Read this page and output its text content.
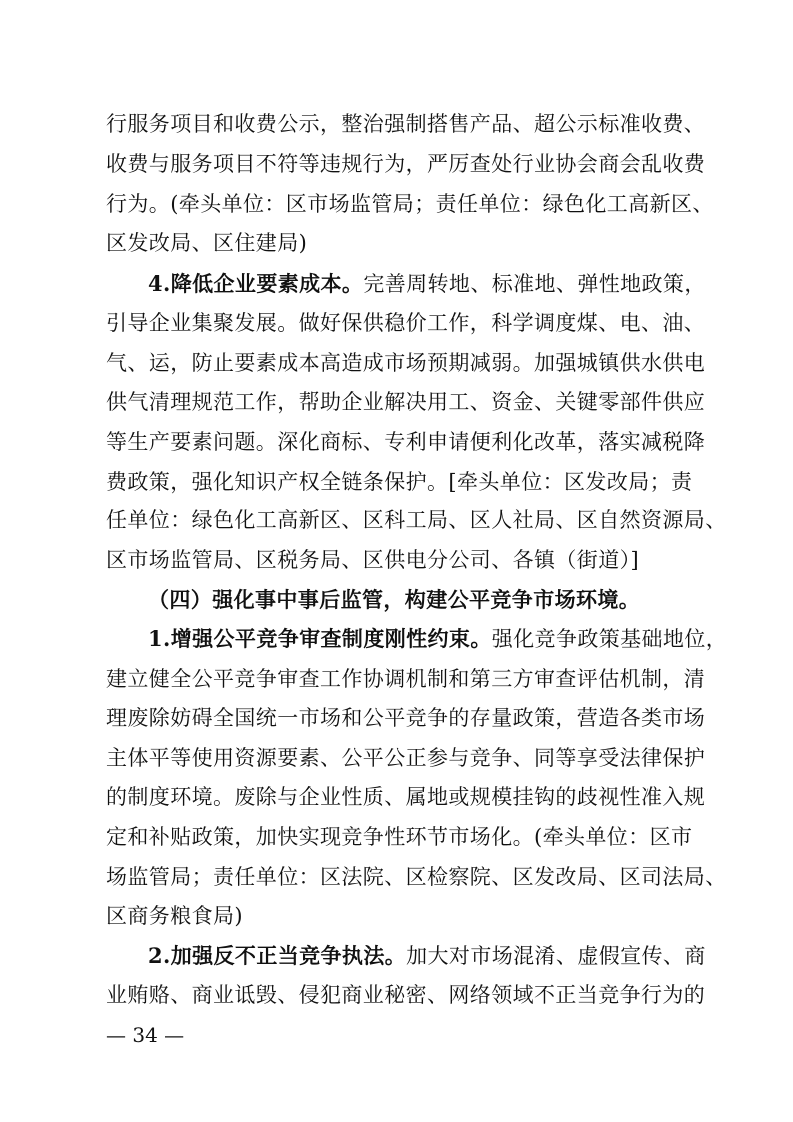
行服务项目和收费公示，整治强制搭售产品、超公示标准收费、
收费与服务项目不符等违规行为，严厉查处行业协会商会乱收费
行为。(牵头单位：区市场监管局；责任单位：绿色化工高新区、
区发改局、区住建局)
4.降低企业要素成本。完善周转地、标准地、弹性地政策，
引导企业集聚发展。做好保供稳价工作，科学调度煤、电、油、
气、运，防止要素成本高造成市场预期减弱。加强城镇供水供电
供气清理规范工作，帮助企业解决用工、资金、关键零部件供应
等生产要素问题。深化商标、专利申请便利化改革，落实减税降
费政策，强化知识产权全链条保护。[牵头单位：区发改局；责
任单位：绿色化工高新区、区科工局、区人社局、区自然资源局、
区市场监管局、区税务局、区供电分公司、各镇（街道）]
（四）强化事中事后监管，构建公平竞争市场环境。
1.增强公平竞争审查制度刚性约束。强化竞争政策基础地位，
建立健全公平竞争审查工作协调机制和第三方审查评估机制，清
理废除妨碍全国统一市场和公平竞争的存量政策，营造各类市场
主体平等使用资源要素、公平公正参与竞争、同等享受法律保护
的制度环境。废除与企业性质、属地或规模挂钩的歧视性准入规
定和补贴政策，加快实现竞争性环节市场化。(牵头单位：区市
场监管局；责任单位：区法院、区检察院、区发改局、区司法局、
区商务粮食局)
2.加强反不正当竞争执法。加大对市场混淆、虚假宣传、商
业贿赂、商业诋毁、侵犯商业秘密、网络领域不正当竞争行为的
— 34 —
